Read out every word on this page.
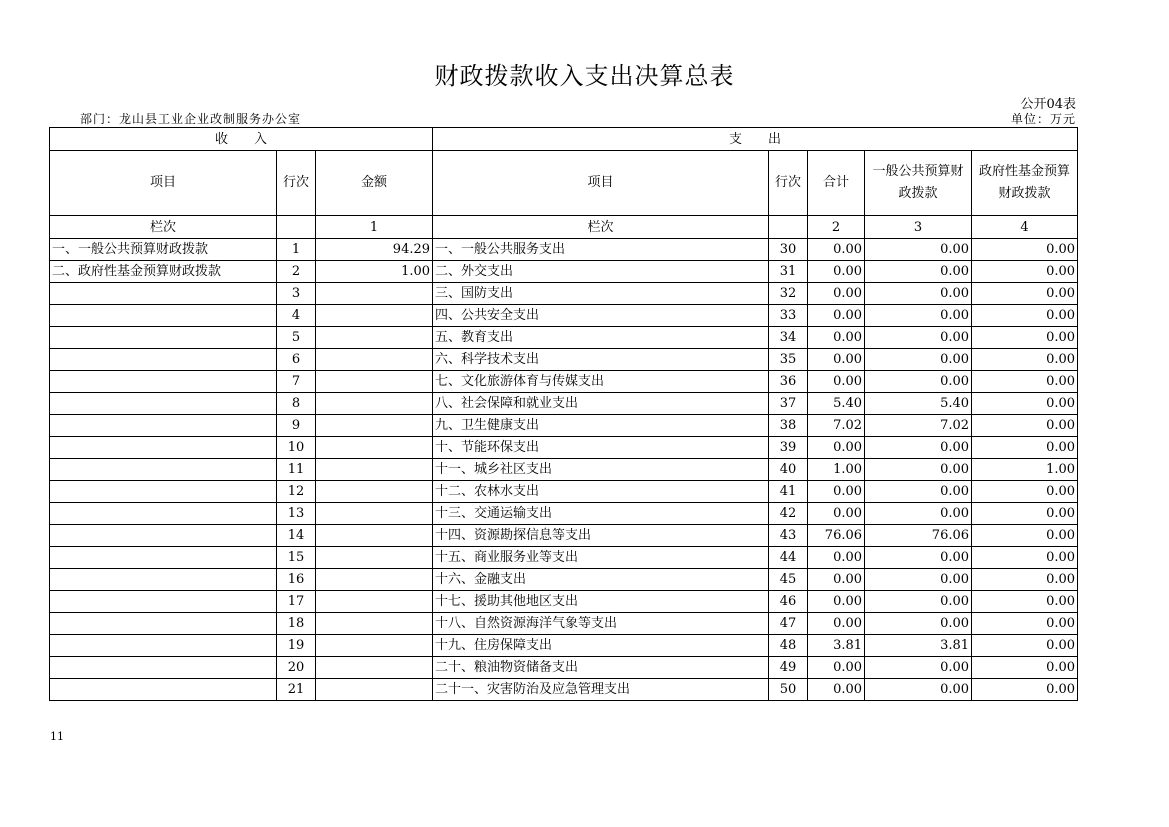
财政拨款收入支出决算总表
公开04表
单位：万元
部门：龙山县工业企业改制服务办公室
收　　入			支　　出				
项目	行次	金额	项目	行次	合计	一般公共预算财政拨款	政府性基金预算财政拨款
栏次		1	栏次		2	3	4
一、一般公共预算财政拨款	1	94.29	一、一般公共服务支出	30	0.00	0.00	0.00
二、政府性基金预算财政拨款	2	1.00	二、外交支出	31	0.00	0.00	0.00
	3		三、国防支出	32	0.00	0.00	0.00
	4		四、公共安全支出	33	0.00	0.00	0.00
	5		五、教育支出	34	0.00	0.00	0.00
	6		六、科学技术支出	35	0.00	0.00	0.00
	7		七、文化旅游体育与传媒支出	36	0.00	0.00	0.00
	8		八、社会保障和就业支出	37	5.40	5.40	0.00
	9		九、卫生健康支出	38	7.02	7.02	0.00
	10		十、节能环保支出	39	0.00	0.00	0.00
	11		十一、城乡社区支出	40	1.00	0.00	1.00
	12		十二、农林水支出	41	0.00	0.00	0.00
	13		十三、交通运输支出	42	0.00	0.00	0.00
	14		十四、资源勘探信息等支出	43	76.06	76.06	0.00
	15		十五、商业服务业等支出	44	0.00	0.00	0.00
	16		十六、金融支出	45	0.00	0.00	0.00
	17		十七、援助其他地区支出	46	0.00	0.00	0.00
	18		十八、自然资源海洋气象等支出	47	0.00	0.00	0.00
	19		十九、住房保障支出	48	3.81	3.81	0.00
	20		二十、粮油物资储备支出	49	0.00	0.00	0.00
	21		二十一、灾害防治及应急管理支出	50	0.00	0.00	0.00
11
